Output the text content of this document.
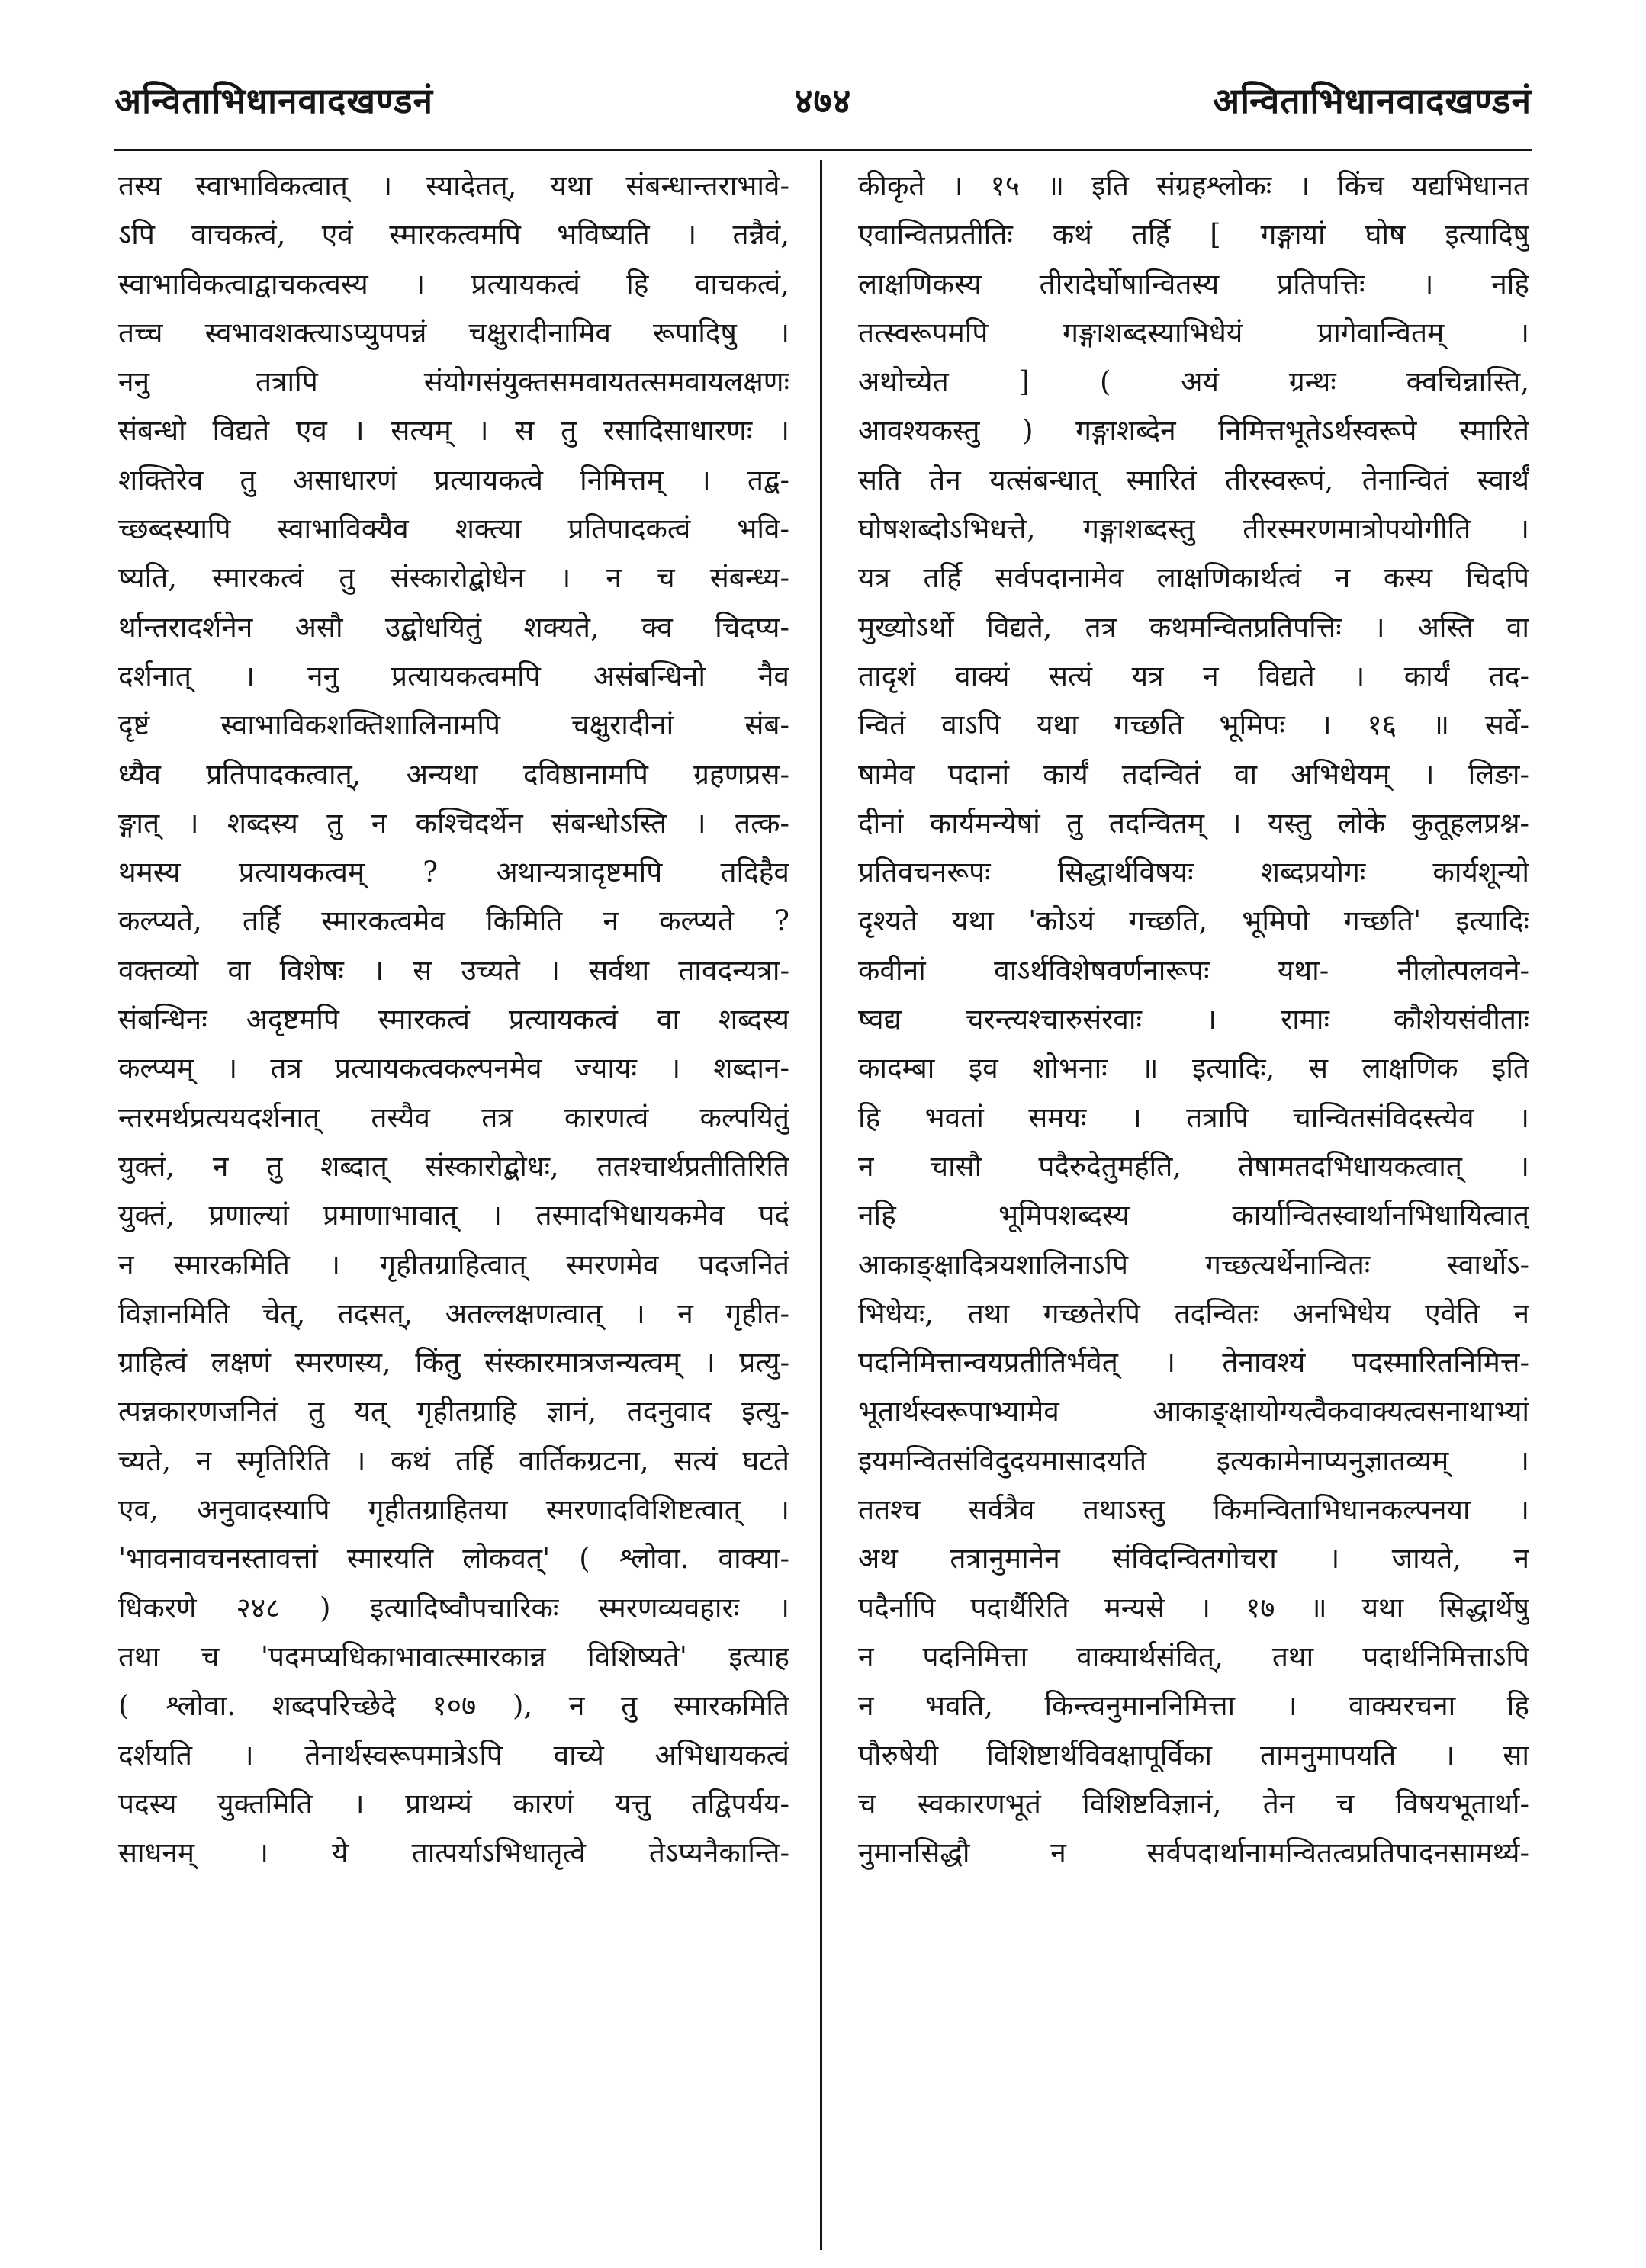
अन्विताभिधानवादखण्डनं	४७४	अन्विताभिधानवादखण्डनं
तस्य स्वाभाविकत्वात् । स्यादेतत्, यथा संबन्धान्तराभावे-
ऽपि वाचकत्वं, एवं स्मारकत्वमपि भविष्यति । तन्नैवं,
स्वाभाविकत्वाद्वाचकत्वस्य । प्रत्यायकत्वं हि वाचकत्वं,
तच्च स्वभावशक्त्याऽप्युपपन्नं चक्षुरादीनामिव रूपादिषु ।
ननु तत्रापि संयोगसंयुक्तसमवायतत्समवायलक्षणः
संबन्धो विद्यते एव । सत्यम् । स तु रसादिसाधारणः ।
शक्तिरेव तु असाधारणं प्रत्यायकत्वे निमित्तम् । तद्ब-
च्छब्दस्यापि स्वाभाविक्यैव शक्त्या प्रतिपादकत्वं भवि-
ष्यति, स्मारकत्वं तु संस्कारोद्बोधेन । न च संबन्ध्य-
र्थान्तरादर्शनेन असौ उद्बोधयितुं शक्यते, क्व चिदप्य-
दर्शनात् । ननु प्रत्यायकत्वमपि असंबन्धिनो नैव
दृष्टं स्वाभाविकशक्तिशालिनामपि चक्षुरादीनां संब-
ध्यैव प्रतिपादकत्वात्, अन्यथा दविष्ठानामपि ग्रहणप्रस-
ङ्गात् । शब्दस्य तु न कश्चिदर्थेन संबन्धोऽस्ति । तत्क-
थमस्य प्रत्यायकत्वम् ? अथान्यत्रादृष्टमपि तदिहैव
कल्प्यते, तर्हि स्मारकत्वमेव किमिति न कल्प्यते ?
वक्तव्यो वा विशेषः । स उच्यते । सर्वथा तावदन्यत्रा-
संबन्धिनः अदृष्टमपि स्मारकत्वं प्रत्यायकत्वं वा शब्दस्य
कल्प्यम् । तत्र प्रत्यायकत्वकल्पनमेव ज्यायः । शब्दान-
न्तरमर्थप्रत्ययदर्शनात् तस्यैव तत्र कारणत्वं कल्पयितुं
युक्तं, न तु शब्दात् संस्कारोद्बोधः, ततश्चार्थप्रतीतिरिति
युक्तं, प्रणाल्यां प्रमाणाभावात् । तस्मादभिधायकमेव पदं
न स्मारकमिति । गृहीतग्राहित्वात् स्मरणमेव पदजनितं
विज्ञानमिति चेत्, तदसत्, अतल्लक्षणत्वात् । न गृहीत-
ग्राहित्वं लक्षणं स्मरणस्य, किंतु संस्कारमात्रजन्यत्वम् । प्रत्यु-
त्पन्नकारणजनितं तु यत् गृहीतग्राहि ज्ञानं, तदनुवाद इत्यु-
च्यते, न स्मृतिरिति । कथं तर्हि वार्तिकग्रटना, सत्यं घटते
एव, अनुवादस्यापि गृहीतग्राहितया स्मरणादविशिष्टत्वात् ।
'भावनावचनस्तावत्तां स्मारयति लोकवत्' ( श्लोवा. वाक्या-
धिकरणे २४८ ) इत्यादिष्वौपचारिकः स्मरणव्यवहारः ।
तथा च 'पदमप्यधिकाभावात्स्मारकान्न विशिष्यते' इत्याह
( श्लोवा. शब्दपरिच्छेदे १०७ ), न तु स्मारकमिति
दर्शयति । तेनार्थस्वरूपमात्रेऽपि वाच्ये अभिधायकत्वं
पदस्य युक्तमिति । प्राथम्यं कारणं यत्तु तद्विपर्यय-
साधनम् । ये तात्पर्याऽभिधातृत्वे तेऽप्यनैकान्ति-
कीकृते । १५ ॥ इति संग्रहश्लोकः । किंच यद्यभिधानत
एवान्वितप्रतीतिः कथं तर्हि [ गङ्गायां घोष इत्यादिषु
लाक्षणिकस्य तीरादेर्घोषान्वितस्य प्रतिपत्तिः । नहि
तत्स्वरूपमपि गङ्गाशब्दस्याभिधेयं प्रागेवान्वितम् ।
अथोच्येत ] ( अयं ग्रन्थः क्वचिन्नास्ति,
आवश्यकस्तु ) गङ्गाशब्देन निमित्तभूतेऽर्थस्वरूपे स्मारिते
सति तेन यत्संबन्धात् स्मारितं तीरस्वरूपं, तेनान्वितं स्वार्थं
घोषशब्दोऽभिधत्ते, गङ्गाशब्दस्तु तीरस्मरणमात्रोपयोगीति ।
यत्र तर्हि सर्वपदानामेव लाक्षणिकार्थत्वं न कस्य चिदपि
मुख्योऽर्थो विद्यते, तत्र कथमन्वितप्रतिपत्तिः । अस्ति वा
तादृशं वाक्यं सत्यं यत्र न विद्यते । कार्यं तद-
न्वितं वाऽपि यथा गच्छति भूमिपः । १६ ॥ सर्वे-
षामेव पदानां कार्यं तदन्वितं वा अभिधेयम् । लिङा-
दीनां कार्यमन्येषां तु तदन्वितम् । यस्तु लोके कुतूहलप्रश्न-
प्रतिवचनरूपः सिद्धार्थविषयः शब्दप्रयोगः कार्यशून्यो
दृश्यते यथा 'कोऽयं गच्छति, भूमिपो गच्छति' इत्यादिः
कवीनां वाऽर्थविशेषवर्णनारूपः यथा- नीलोत्पलवने-
ष्वद्य चरन्त्यश्चारुसंरवाः । रामाः कौशेयसंवीताः
कादम्बा इव शोभनाः ॥ इत्यादिः, स लाक्षणिक इति
हि भवतां समयः । तत्रापि चान्वितसंविदस्त्येव ।
न चासौ पदैरुदेतुमर्हति, तेषामतदभिधायकत्वात् ।
नहि भूमिपशब्दस्य कार्यान्वितस्वार्थानभिधायित्वात्
आकाङ्क्षादित्रयशालिनाऽपि गच्छत्यर्थेनान्वितः स्वार्थोऽ-
भिधेयः, तथा गच्छतेरपि तदन्वितः अनभिधेय एवेति न
पदनिमित्तान्वयप्रतीतिर्भवेत् । तेनावश्यं पदस्मारितनिमित्त-
भूतार्थस्वरूपाभ्यामेव आकाङ्क्षायोग्यत्वैकवाक्यत्वसनाथाभ्यां
इयमन्वितसंविदुदयमासादयति इत्यकामेनाप्यनुज्ञातव्यम् ।
ततश्च सर्वत्रैव तथाऽस्तु किमन्विताभिधानकल्पनया ।
अथ तत्रानुमानेन संविदन्वितगोचरा । जायते, न
पदैर्नापि पदार्थैरिति मन्यसे । १७ ॥ यथा सिद्धार्थेषु
न पदनिमित्ता वाक्यार्थसंवित्, तथा पदार्थनिमित्ताऽपि
न भवति, किन्त्वनुमाननिमित्ता । वाक्यरचना हि
पौरुषेयी विशिष्टार्थविवक्षापूर्विका तामनुमापयति । सा
च स्वकारणभूतं विशिष्टविज्ञानं, तेन च विषयभूतार्था-
नुमानसिद्धौ न सर्वपदार्थानामन्वितत्वप्रतिपादनसामर्थ्य-
